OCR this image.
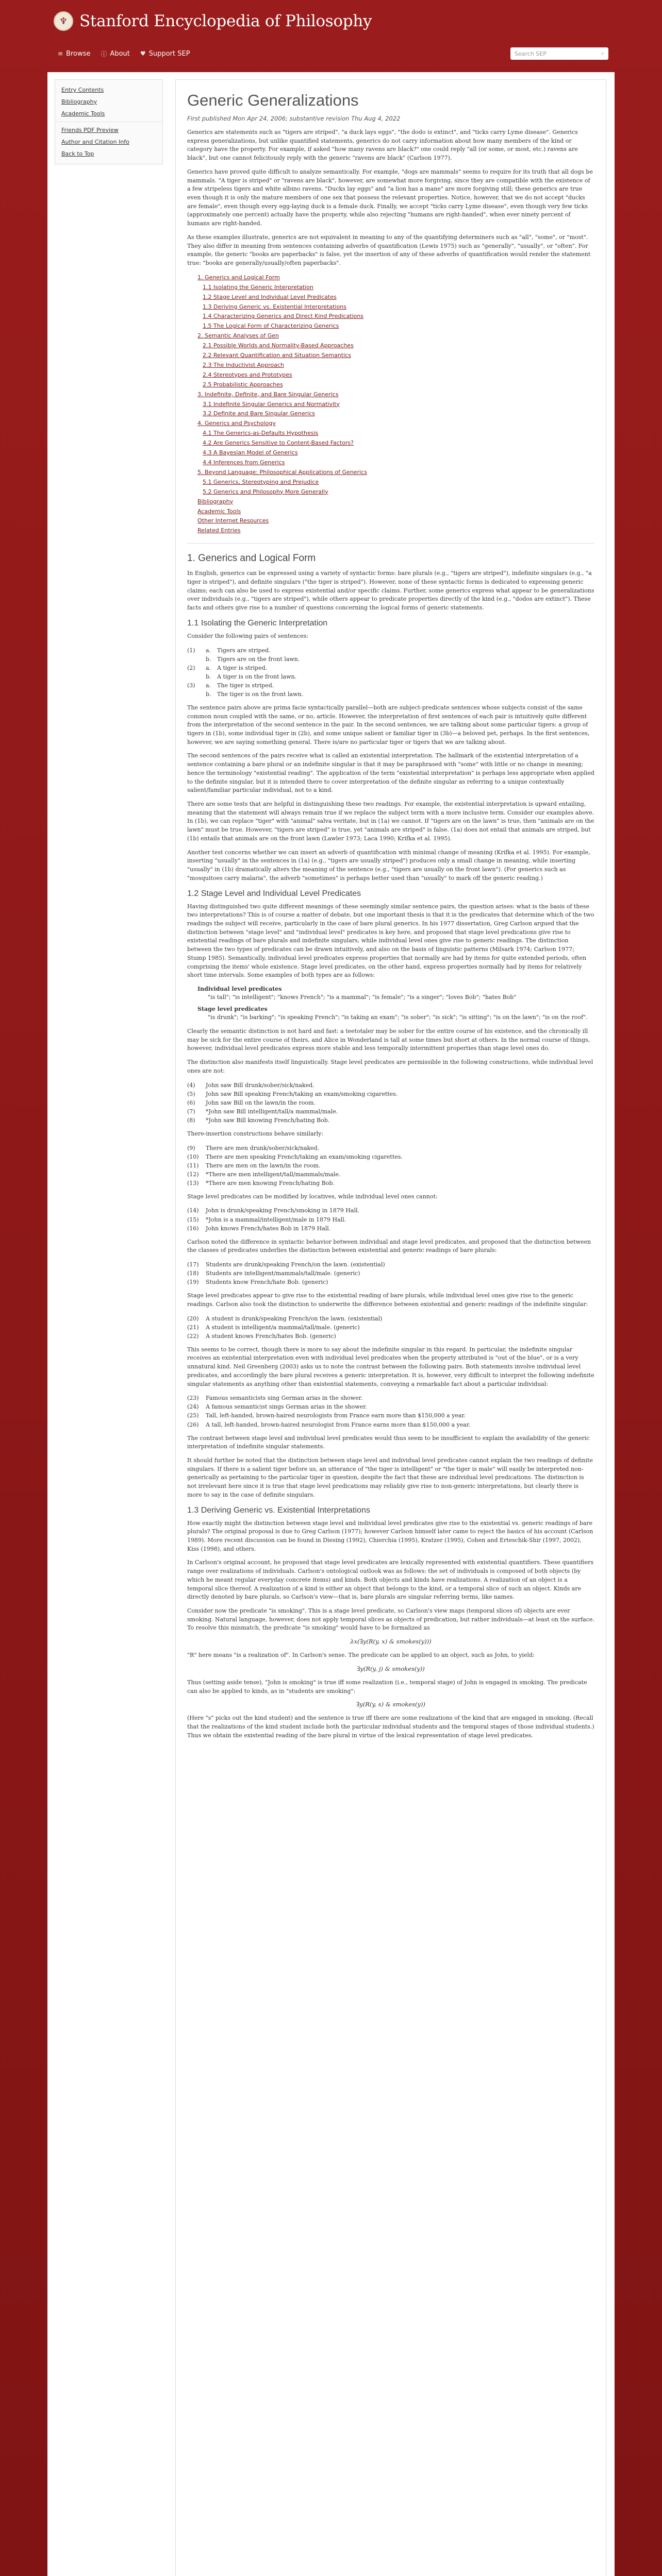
♆ Stanford Encyclopedia of Philosophy
≡ Browse ⓘ About ♥ Support SEP	Search SEP	⌕
Entry Contents
Bibliography
Academic Tools
Friends PDF Preview
Author and Citation Info
Back to Top
Generic Generalizations
First published Mon Apr 24, 2006; substantive revision Thu Aug 4, 2022

Generics are statements such as "tigers are striped", "a duck lays eggs", "the dodo is extinct", and "ticks carry Lyme disease". Generics express generalizations, but unlike quantified statements, generics do not carry information about how many members of the kind or category have the property. For example, if asked "how many ravens are black?" one could reply "all (or some, or most, etc.) ravens are black", but one cannot felicitously reply with the generic "ravens are black" (Carlson 1977).

Generics have proved quite difficult to analyze semantically. For example, "dogs are mammals" seems to require for its truth that all dogs be mammals. "A tiger is striped" or "ravens are black", however, are somewhat more forgiving, since they are compatible with the existence of a few stripeless tigers and white albino ravens. "Ducks lay eggs" and "a lion has a mane" are more forgiving still; these generics are true even though it is only the mature members of one sex that possess the relevant properties. Notice, however, that we do not accept "ducks are female", even though every egg-laying duck is a female duck. Finally, we accept "ticks carry Lyme disease", even though very few ticks (approximately one percent) actually have the property, while also rejecting "humans are right-handed", when ever ninety percent of humans are right-handed.

As these examples illustrate, generics are not equivalent in meaning to any of the quantifying determiners such as "all", "some", or "most". They also differ in meaning from sentences containing adverbs of quantification (Lewis 1975) such as "generally", "usually", or "often". For example, the generic "books are paperbacks" is false, yet the insertion of any of these adverbs of quantification would render the statement true: "books are generally/usually/often paperbacks".

1. Generics and Logical Form
1.1 Isolating the Generic Interpretation
1.2 Stage Level and Individual Level Predicates
1.3 Deriving Generic vs. Existential Interpretations
1.4 Characterizing Generics and Direct Kind Predications
1.5 The Logical Form of Characterizing Generics
2. Semantic Analyses of Gen
2.1 Possible Worlds and Normality-Based Approaches
2.2 Relevant Quantification and Situation Semantics
2.3 The Inductivist Approach
2.4 Stereotypes and Prototypes
2.5 Probabilistic Approaches
3. Indefinite, Definite, and Bare Singular Generics
3.1 Indefinite Singular Generics and Normativity
3.2 Definite and Bare Singular Generics
4. Generics and Psychology
4.1 The Generics-as-Defaults Hypothesis
4.2 Are Generics Sensitive to Content-Based Factors?
4.3 A Bayesian Model of Generics
4.4 Inferences from Generics
5. Beyond Language: Philosophical Applications of Generics
5.1 Generics, Stereotyping and Prejudice
5.2 Generics and Philosophy More Generally
Bibliography
Academic Tools
Other Internet Resources
Related Entries
1. Generics and Logical Form

In English, generics can be expressed using a variety of syntactic forms: bare plurals (e.g., "tigers are striped"), indefinite singulars (e.g., "a tiger is striped"), and definite singulars ("the tiger is striped"). However, none of these syntactic forms is dedicated to expressing generic claims; each can also be used to express existential and/or specific claims. Further, some generics express what appear to be generalizations over individuals (e.g., "tigers are striped"), while others appear to predicate properties directly of the kind (e.g., "dodos are extinct"). These facts and others give rise to a number of questions concerning the logical forms of generic statements.

1.1 Isolating the Generic Interpretation

Consider the following pairs of sentences:

(1)	a.	Tigers are striped.
b.	Tigers are on the front lawn.
(2)	a.	A tiger is striped.
b.	A tiger is on the front lawn.
(3)	a.	The tiger is striped.
b.	The tiger is on the front lawn.

The sentence pairs above are prima facie syntactically parallel—both are subject-predicate sentences whose subjects consist of the same common noun coupled with the same, or no, article. However, the interpretation of first sentences of each pair is intuitively quite different from the interpretation of the second sentence in the pair. In the second sentences, we are talking about some particular tigers: a group of tigers in (1b), some individual tiger in (2b), and some unique salient or familiar tiger in (3b)—a beloved pet, perhaps. In the first sentences, however, we are saying something general. There is/are no particular tiger or tigers that we are talking about.

The second sentences of the pairs receive what is called an existential interpretation. The hallmark of the existential interpretation of a sentence containing a bare plural or an indefinite singular is that it may be paraphrased with "some" with little or no change in meaning; hence the terminology "existential reading". The application of the term "existential interpretation" is perhaps less appropriate when applied to the definite singular, but it is intended there to cover interpretation of the definite singular as referring to a unique contextually salient/familiar particular individual, not to a kind.

There are some tests that are helpful in distinguishing these two readings. For example, the existential interpretation is upward entailing, meaning that the statement will always remain true if we replace the subject term with a more inclusive term. Consider our examples above. In (1b), we can replace "tiger" with "animal" salva veritate, but in (1a) we cannot. If "tigers are on the lawn" is true, then "animals are on the lawn" must be true. However, "tigers are striped" is true, yet "animals are striped" is false. (1a) does not entail that animals are striped, but (1b) entails that animals are on the front lawn (Lawler 1973; Laca 1990; Krifka et al. 1995).

Another test concerns whether we can insert an adverb of quantification with minimal change of meaning (Krifka et al. 1995). For example, inserting "usually" in the sentences in (1a) (e.g., "tigers are usually striped") produces only a small change in meaning, while inserting "usually" in (1b) dramatically alters the meaning of the sentence (e.g., "tigers are usually on the front lawn"). (For generics such as "mosquitoes carry malaria", the adverb "sometimes" is perhaps better used than "usually" to mark off the generic reading.)

1.2 Stage Level and Individual Level Predicates

Having distinguished two quite different meanings of these seemingly similar sentence pairs, the question arises: what is the basis of these two interpretations? This is of course a matter of debate, but one important thesis is that it is the predicates that determine which of the two readings the subject will receive, particularly in the case of bare plural generics. In his 1977 dissertation, Greg Carlson argued that the distinction between "stage level" and "individual level" predicates is key here, and proposed that stage level predications give rise to existential readings of bare plurals and indefinite singulars, while individual level ones give rise to generic readings. The distinction between the two types of predicates can be drawn intuitively, and also on the basis of linguistic patterns (Milsark 1974; Carlson 1977; Stump 1985). Semantically, individual level predicates express properties that normally are had by items for quite extended periods, often comprising the items' whole existence. Stage level predicates, on the other hand, express properties normally had by items for relatively short time intervals. Some examples of both types are as follows:

Individual level predicates
"is tall"; "is intelligent"; "knows French"; "is a mammal"; "is female"; "is a singer"; "loves Bob"; "hates Bob"
Stage level predicates
"is drunk"; "is barking"; "is speaking French"; "is taking an exam"; "is sober"; "is sick"; "is sitting"; "is on the lawn"; "is on the roof".

Clearly the semantic distinction is not hard and fast: a teetotaler may be sober for the entire course of his existence, and the chronically ill may be sick for the entire course of theirs, and Alice in Wonderland is tall at some times but short at others. In the normal course of things, however, individual level predicates express more stable and less temporally intermittent properties than stage level ones do.

The distinction also manifests itself linguistically. Stage level predicates are permissible in the following constructions, while individual level ones are not:

(4)	John saw Bill drunk/sober/sick/naked.
(5)	John saw Bill speaking French/taking an exam/smoking cigarettes.
(6)	John saw Bill on the lawn/in the room.
(7)	*John saw Bill intelligent/tall/a mammal/male.
(8)	*John saw Bill knowing French/hating Bob.

There-insertion constructions behave similarly:

(9)	There are men drunk/sober/sick/naked.
(10)	There are men speaking French/taking an exam/smoking cigarettes.
(11)	There are men on the lawn/in the room.
(12)	*There are men intelligent/tall/mammals/male.
(13)	*There are men knowing French/hating Bob.

Stage level predicates can be modified by locatives, while individual level ones cannot:

(14)	John is drunk/speaking French/smoking in 1879 Hall.
(15)	*John is a mammal/intelligent/male in 1879 Hall.
(16)	John knows French/hates Bob in 1879 Hall.

Carlson noted the difference in syntactic behavior between individual and stage level predicates, and proposed that the distinction between the classes of predicates underlies the distinction between existential and generic readings of bare plurals:

(17)	Students are drunk/speaking French/on the lawn. (existential)
(18)	Students are intelligent/mammals/tall/male. (generic)
(19)	Students know French/hate Bob. (generic)

Stage level predicates appear to give rise to the existential reading of bare plurals, while individual level ones give rise to the generic readings. Carlson also took the distinction to underwrite the difference between existential and generic readings of the indefinite singular:

(20)	A student is drunk/speaking French/on the lawn. (existential)
(21)	A student is intelligent/a mammal/tall/male. (generic)
(22)	A student knows French/hates Bob. (generic)

This seems to be correct, though there is more to say about the indefinite singular in this regard. In particular, the indefinite singular receives an existential interpretation even with individual level predicates when the property attributed is "out of the blue", or is a very unnatural kind. Neil Greenberg (2003) asks us to note the contrast between the following pairs. Both statements involve individual level predicates, and accordingly the bare plural receives a generic interpretation. It is, however, very difficult to interpret the following indefinite singular statements as anything other than existential statements, conveying a remarkable fact about a particular individual:

(23)	Famous semanticists sing German arias in the shower.
(24)	A famous semanticist sings German arias in the shower.
(25)	Tall, left-handed, brown-haired neurologists from France earn more than $150,000 a year.
(26)	A tall, left-handed, brown-haired neurologist from France earns more than $150,000 a year.

The contrast between stage level and individual level predicates would thus seem to be insufficient to explain the availability of the generic interpretation of indefinite singular statements.

It should further be noted that the distinction between stage level and individual level predicates cannot explain the two readings of definite singulars. If there is a salient tiger before us, an utterance of "the tiger is intelligent" or "the tiger is male" will easily be interpreted non-generically as pertaining to the particular tiger in question, despite the fact that these are individual level predications. The distinction is not irrelevant here since it is true that stage level predications may reliably give rise to non-generic interpretations, but clearly there is more to say in the case of definite singulars.

1.3 Deriving Generic vs. Existential Interpretations

How exactly might the distinction between stage level and individual level predicates give rise to the existential vs. generic readings of bare plurals? The original proposal is due to Greg Carlson (1977); however Carlson himself later came to reject the basics of his account (Carlson 1989). More recent discussion can be found in Diesing (1992), Chierchia (1995), Kratzer (1995), Cohen and Erteschik-Shir (1997, 2002), Kiss (1998), and others.

In Carlson's original account, he proposed that stage level predicates are lexically represented with existential quantifiers. These quantifiers range over realizations of individuals. Carlson's ontological outlook was as follows: the set of individuals is composed of both objects (by which he meant regular everyday concrete items) and kinds. Both objects and kinds have realizations. A realization of an object is a temporal slice thereof. A realization of a kind is either an object that belongs to the kind, or a temporal slice of such an object. Kinds are directly denoted by bare plurals, so Carlson's view—that is, bare plurals are singular referring terms, like names.

Consider now the predicate "is smoking". This is a stage level predicate, so Carlson's view maps (temporal slices of) objects are ever smoking. Natural language, however, does not apply temporal slices as objects of predication, but rather individuals—at least on the surface. To resolve this mismatch, the predicate "is smoking" would have to be formalized as

λx(∃y(R(y, x) & smokes(y)))

"R" here means "is a realization of". In Carlson's sense. The predicate can be applied to an object, such as John, to yield:

∃y(R(y, j) & smokes(y))

Thus (setting aside tense), "John is smoking" is true iff some realization (i.e., temporal stage) of John is engaged in smoking. The predicate can also be applied to kinds, as in "students are smoking":

∃y(R(y, s) & smokes(y))

(Here "s" picks out the kind student) and the sentence is true iff there are some realizations of the kind that are engaged in smoking. (Recall that the realizations of the kind student include both the particular individual students and the temporal stages of those individual students.) Thus we obtain the existential reading of the bare plural in virtue of the lexical representation of stage level predicates.
